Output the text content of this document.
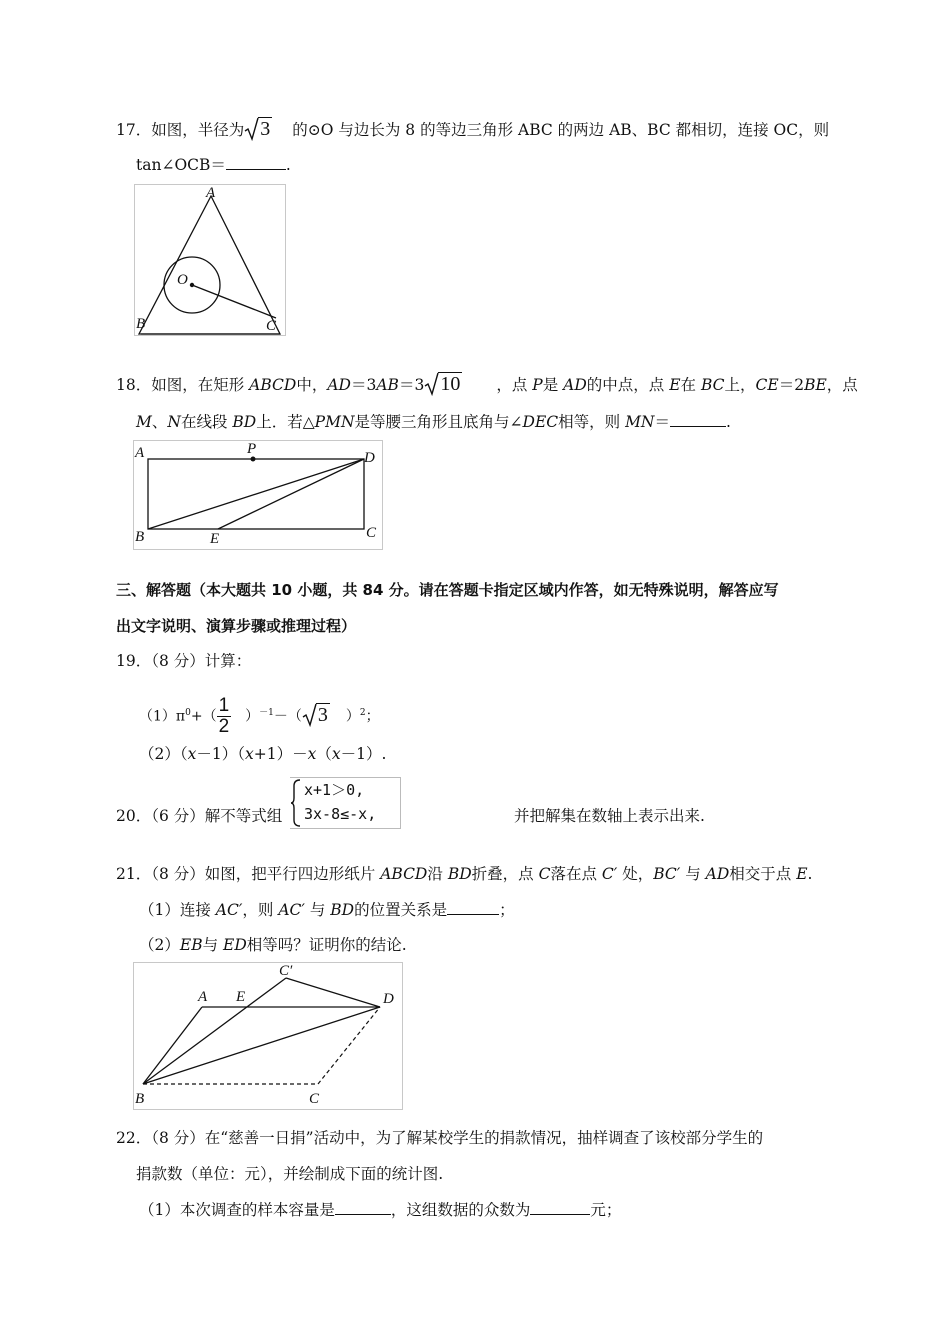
17．如图，半径为 3 的⊙O 与边长为 8 的等边三角形 ABC 的两边 AB、BC 都相切，连接 OC，则
tan∠OCB＝	.
A
O
B	C
18．如图，在矩形 ABCD中，AD＝3AB＝3 10 ，点 P是 AD的中点，点 E在 BC上，CE＝2BE，点
M、N在线段 BD上．若△PMN是等腰三角形且底角与∠DEC相等，则 MN＝	.
A	P
D
B	E	C
三、解答题（本大题共 10 小题，共 84 分。请在答题卡指定区域内作答，如无特殊说明，解答应写
出文字说明、演算步骤或推理过程）
19．（8 分）计算：
$(1)\pi^0+( \frac{1}{2} )^{-1}-$（ 3 ）$^2$；
（2）（x－1）（x+1）－x（x－1）.
20．（6 分）解不等式组
x+1＞0,
3x-8≤-x,	并把解集在数轴上表示出来.
21．（8 分）如图，把平行四边形纸片 ABCD沿 BD折叠，点 C落在点 C′ 处，BC′ 与 AD相交于点 E.
（1）连接 AC′，则 AC′ 与 BD的位置关系是	；
（2）EB与 ED相等吗？证明你的结论.
C′
A E	D
B	C
22．（8 分）在“慈善一日捐”活动中，为了解某校学生的捐款情况，抽样调查了该校部分学生的
捐款数（单位：元），并绘制成下面的统计图.
（1）本次调查的样本容量是	，这组数据的众数为	元；
